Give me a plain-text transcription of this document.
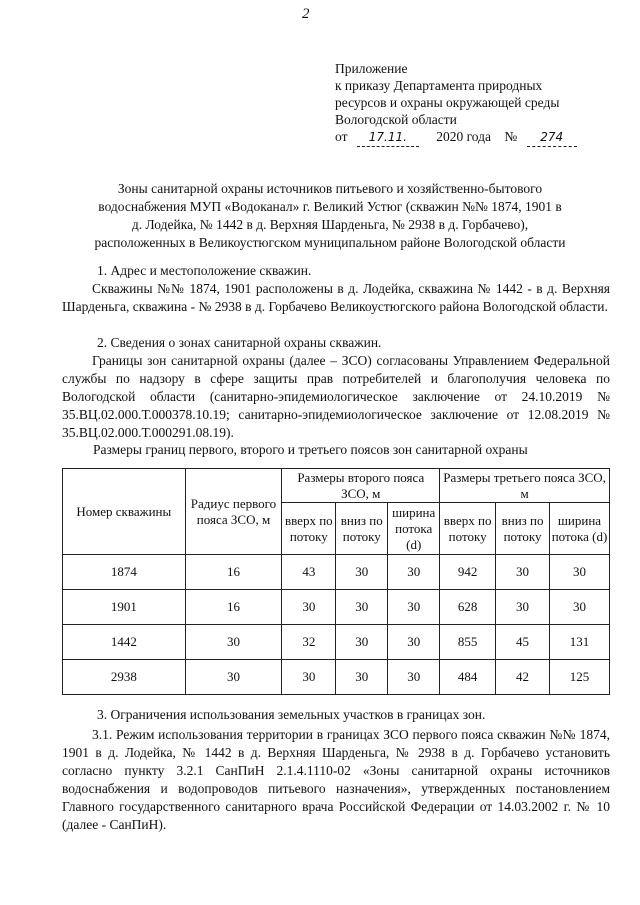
2
Приложение
к приказу Департамента природных
ресурсов и охраны окружающей среды
Вологодской области
от 17.11. 2020 года № 274
Зоны санитарной охраны источников питьевого и хозяйственно-бытового
водоснабжения МУП «Водоканал» г. Великий Устюг (скважин №№ 1874, 1901 в
д. Лодейка, № 1442 в д. Верхняя Шарденьга, № 2938 в д. Горбачево),
расположенных в Великоустюгском муниципальном районе Вологодской области
1. Адрес и местоположение скважин.
Скважины №№ 1874, 1901 расположены в д. Лодейка, скважина № 1442 - в д. Верхняя Шарденьга, скважина - № 2938 в д. Горбачево Великоустюгского района Вологодской области.
2. Сведения о зонах санитарной охраны скважин.
Границы зон санитарной охраны (далее – ЗСО) согласованы Управлением Федеральной службы по надзору в сфере защиты прав потребителей и благополучия человека по Вологодской области (санитарно-эпидемиологическое заключение от 24.10.2019 № 35.ВЦ.02.000.Т.000378.10.19; санитарно-эпидемиологическое заключение от 12.08.2019 № 35.ВЦ.02.000.Т.000291.08.19).
Размеры границ первого, второго и третьего поясов зон санитарной охраны
Номер скважины	Радиус первого пояса ЗСО, м	Размеры второго пояса ЗСО, м			Размеры третьего пояса ЗСО, м		
		вверх по потоку	вниз по потоку	ширина потока (d)	вверх по потоку	вниз по потоку	ширина потока (d)
1874	16	43	30	30	942	30	30
1901	16	30	30	30	628	30	30
1442	30	32	30	30	855	45	131
2938	30	30	30	30	484	42	125
3. Ограничения использования земельных участков в границах зон.
3.1. Режим использования территории в границах ЗСО первого пояса скважин №№ 1874, 1901 в д. Лодейка, № 1442 в д. Верхняя Шарденьга, № 2938 в д. Горбачево установить согласно пункту 3.2.1 СанПиН 2.1.4.1110-02 «Зоны санитарной охраны источников водоснабжения и водопроводов питьевого назначения», утвержденных постановлением Главного государственного санитарного врача Российской Федерации от 14.03.2002 г. № 10 (далее - СанПиН).
